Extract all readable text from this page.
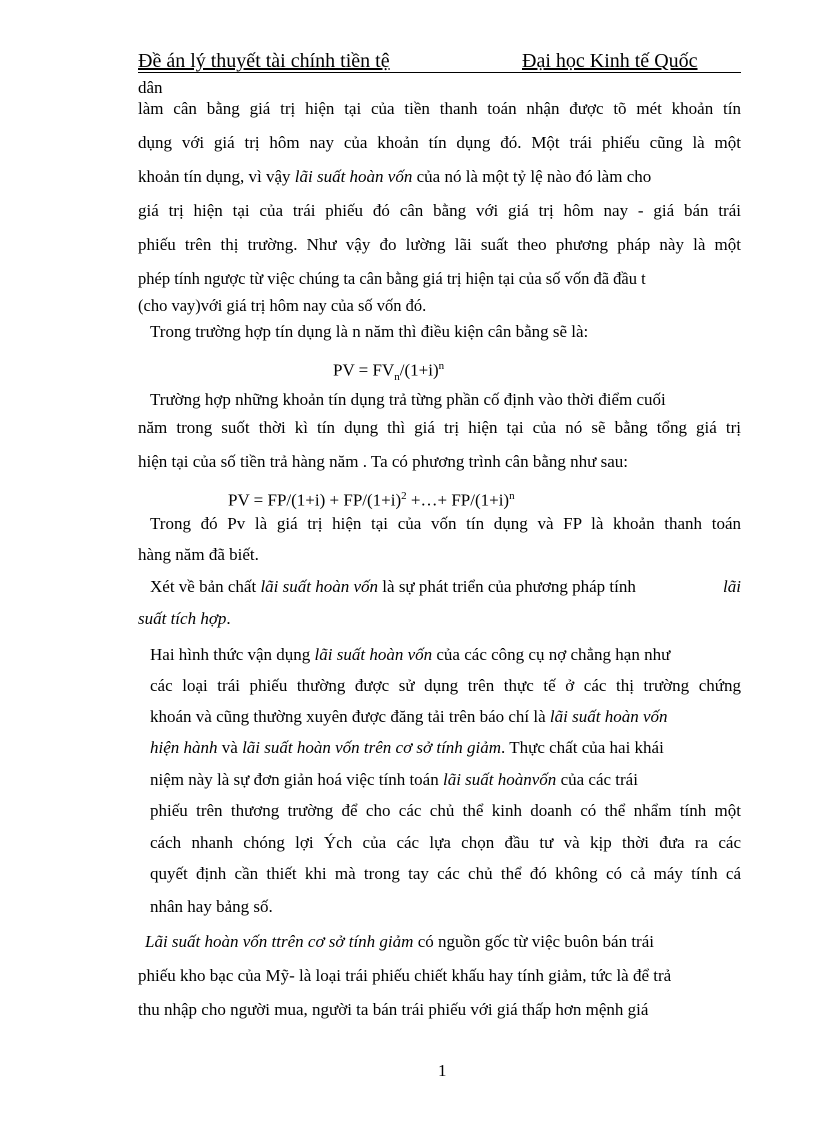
Đề án lý thuyết tài chính tiền tệ	Đại học Kinh tế Quốc
dân
làm cân bằng giá trị hiện tại của tiền thanh toán nhận được tõ mét khoản tín
dụng với giá trị hôm nay của khoản tín dụng đó. Một trái phiếu cũng là một
khoản tín dụng, vì vậy lãi suất hoàn vốn của nó là một tỷ lệ nào đó làm cho
giá trị hiện tại của trái phiếu đó cân bằng với giá trị hôm nay - giá bán trái
phiếu trên thị trường. Như vậy đo lường lãi suất theo phương pháp này là một
phép tính ngược từ việc chúng ta cân bằng giá trị hiện tại của số vốn đã đầu t
(cho vay)với giá trị hôm nay của số vốn đó.
Trong trường hợp tín dụng là n năm thì điều kiện cân bằng sẽ là:
PV = $FV_n/(1+i)^n$
Trường hợp những khoản tín dụng trả từng phần cố định vào thời điểm cuối
năm trong suốt thời kì tín dụng thì giá trị hiện tại của nó sẽ bằng tổng giá trị
hiện tại của số tiền trả hàng năm . Ta có phương trình cân bằng như sau:
PV = $FP/(1+i) + FP/(1+i)^2$ +…+ $FP/(1+i)^n$
Trong đó Pv là giá trị hiện tại của vốn tín dụng và FP là khoản thanh toán
hàng năm đã biết.
Xét về bản chất lãi suất hoàn vốn là sự phát triển của phương pháp tính	lãi
suất tích hợp.
Hai hình thức vận dụng lãi suất hoàn vốn của các công cụ nợ chẳng hạn như
các loại trái phiếu thường được sử dụng trên thực tế ở các thị trường chứng
khoán và cũng thường xuyên được đăng tải trên báo chí là lãi suất hoàn vốn
hiện hành và lãi suất hoàn vốn trên cơ sở tính giảm. Thực chất của hai khái
niệm này là sự đơn giản hoá việc tính toán lãi suất hoànvốn của các trái
phiếu trên thương trường để cho các chủ thể kinh doanh có thể nhẩm tính một
cách nhanh chóng lợi Ých của các lựa chọn đầu tư và kịp thời đưa ra các
quyết định cần thiết khi mà trong tay các chủ thể đó không có cả máy tính cá
nhân hay bảng số.
Lãi suất hoàn vốn ttrên cơ sở tính giảm có nguồn gốc từ việc buôn bán trái
phiếu kho bạc của Mỹ- là loại trái phiếu chiết khấu hay tính giảm, tức là để trả
thu nhập cho người mua, người ta bán trái phiếu với giá thấp hơn mệnh giá
1
